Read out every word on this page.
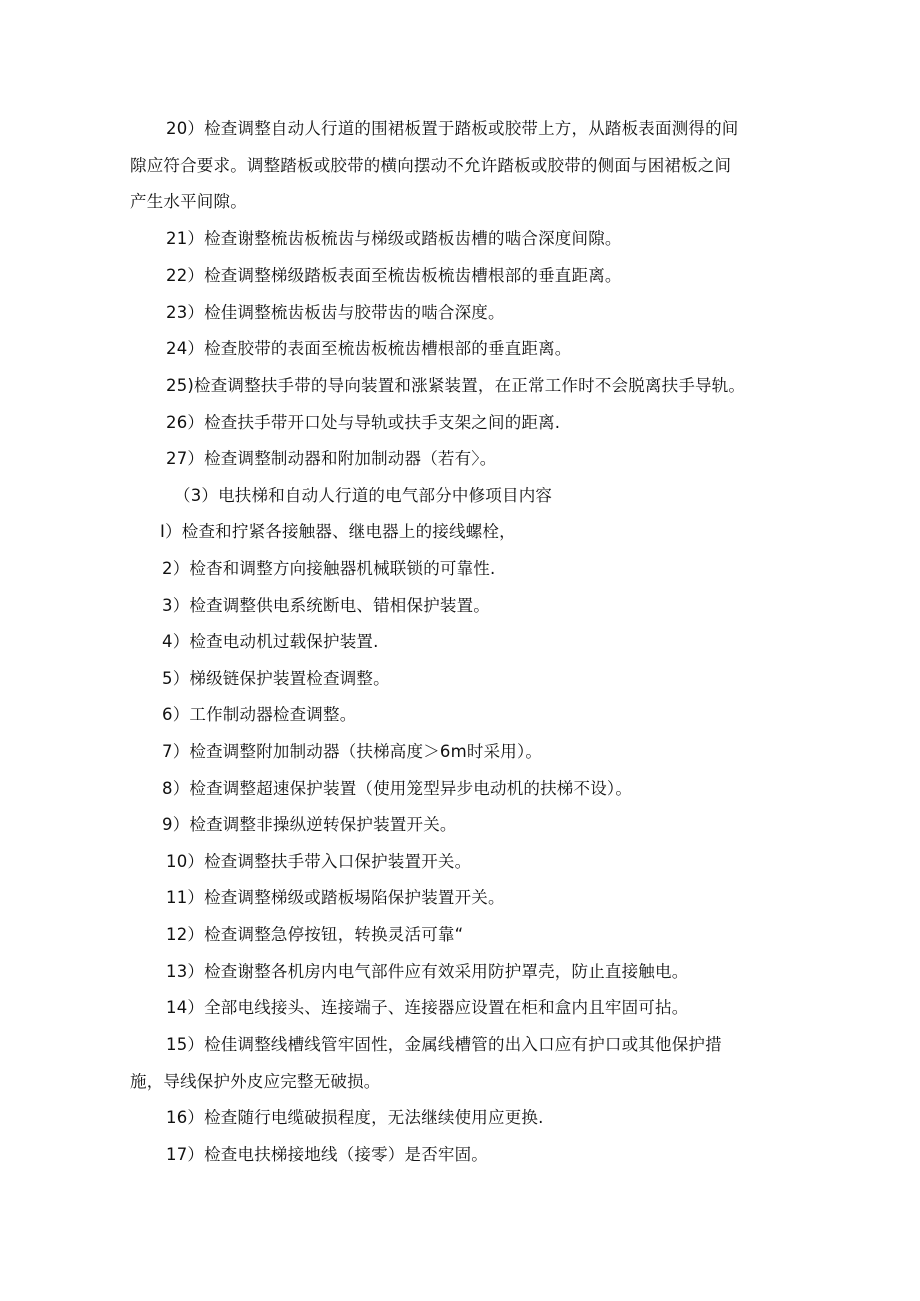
20）检查调整自动人行道的围裙板置于踏板或胶带上方，从踏板表面测得的间
隙应符合要求。调整踏板或胶带的横向摆动不允许踏板或胶带的侧面与困裙板之间
产生水平间隙。
21）检查谢整梳齿板梳齿与梯级或踏板齿槽的啮合深度间隙。
22）检查调整梯级踏板表面至梳齿板梳齿槽根部的垂直距离。
23）检佳调整梳齿板齿与胶带齿的啮合深度。
24）检查胶带的表面至梳齿板梳齿槽根部的垂直距离。
25)检查调整扶手带的导向装置和涨紧装置，在正常工作时不会脱离扶手导轨。
26）检查扶手带开口处与导轨或扶手支架之间的距离.
27）检查调整制动器和附加制动器（若有〉。
（3）电扶梯和自动人行道的电气部分中修项目内容
I）检查和拧紧各接触器、继电器上的接线螺栓，
2）检杳和调整方向接触器机械联锁的可靠性.
3）检查调整供电系统断电、错相保护装置。
4）检查电动机过载保护装置.
5）梯级链保护装置检查调整。
6）工作制动器检查调整。
7）检查调整附加制动器（扶梯高度＞6m时采用）。
8）检查调整超速保护装置（使用笼型异步电动机的扶梯不设）。
9）检查调整非操纵逆转保护装置开关。
10）检查调整扶手带入口保护装置开关。
11）检查调整梯级或踏板埸陷保护装置开关。
12）检查调整急停按钮，转换灵活可靠“
13）检查谢整各机房内电气部件应有效采用防护罩壳，防止直接触电。
14）全部电线接头、连接端子、连接器应设置在柜和盒内且牢固可拈。
15）检佳调整线槽线管牢固性，金属线槽管的出入口应有护口或其他保护措
施，导线保护外皮应完整无破损。
16）检查随行电缆破损程度，无法继续使用应更换.
17）检查电扶梯接地线（接零）是否牢固。
